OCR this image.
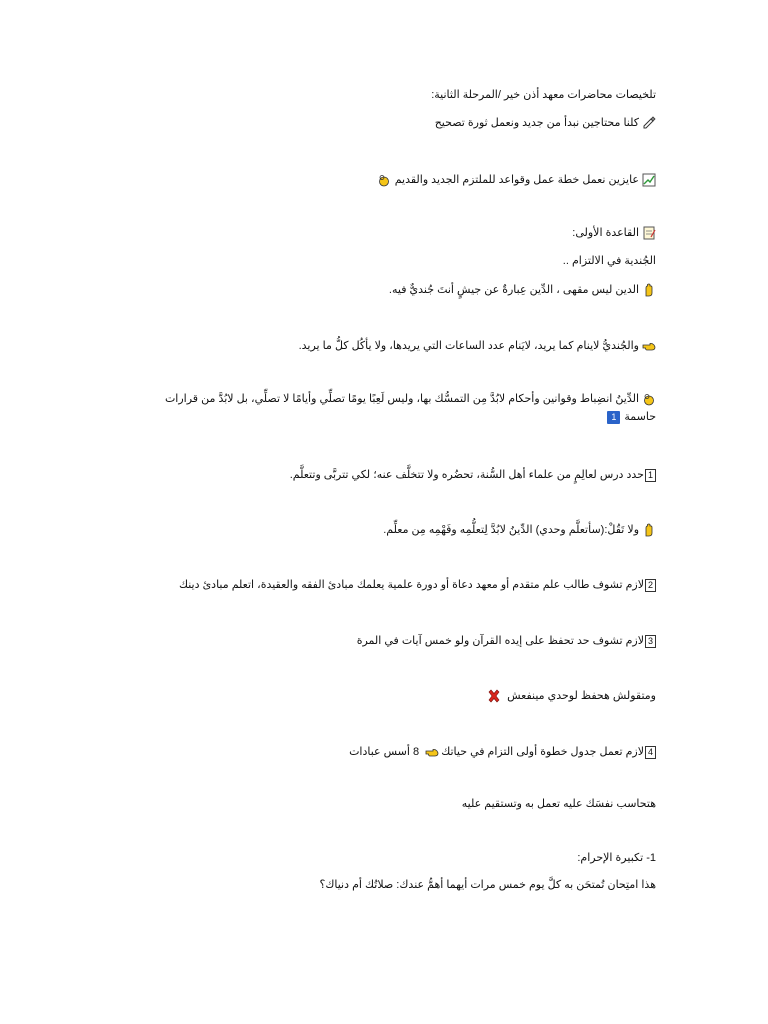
تلخيصات محاضرات معهد أذن خير /المرحلة الثانية:
كلنا محتاجين نبدأ من جديد ونعمل ثورة تصحيح
عايزين نعمل خطة عمل وقواعد للملتزم الجديد والقديم
القاعدة الأولى:
الجُندية في الالتزام ..
الدين ليس مقهى ، الدِّين عِبارةٌ عن جيشٍ أنتَ جُنديٌّ فيه.
والجُنديُّ لاينام كما يريد، لايَنام عدد الساعات التي يريدها، ولا يأكُل كلُّ ما يريد.
الدِّينُ انضِباط وقوانين وأحكام لابُدَّ مِن التمسُّك بها، وليس لَعِبًا يومًا تصلِّي وأيامًا لا تصلِّي، بل لابُدَّ من قرارات
حاسمة1
1حدد درس لعالِمٍ من علماء أهل السُّنة، تحضُره ولا تتخلَّف عنه؛ لكي تتربَّى وتتعلَّم.
ولا تَقُلْ:(سأتعلَّم وحدي) الدِّينُ لابُدَّ لِتعلُّمِه وفَهْمِه مِن معلِّم.
2لازم تشوف طالب علم متقدم أو معهد دعاة أو دورة علمية يعلمك مبادئ الفقه والعقيدة، اتعلم مبادئ دينك
3لازم تشوف حد تحفظ على إيده القرآن ولو خمس آيات في المرة
ومتقولش هحفظ لوحدي مينفعش
4لازم تعمل جدول خطوة أولى التزام في حياتك
8 أسس عبادات
هتحاسب نفسَك عليه تعمل به وتستقيم عليه
1- تكبيرة الإحرام:
هذا امتِحان تُمتحَن به كلَّ يوم خمس مرات أيهما أهمُّ عندك: صلاتُك أم دنياك؟
